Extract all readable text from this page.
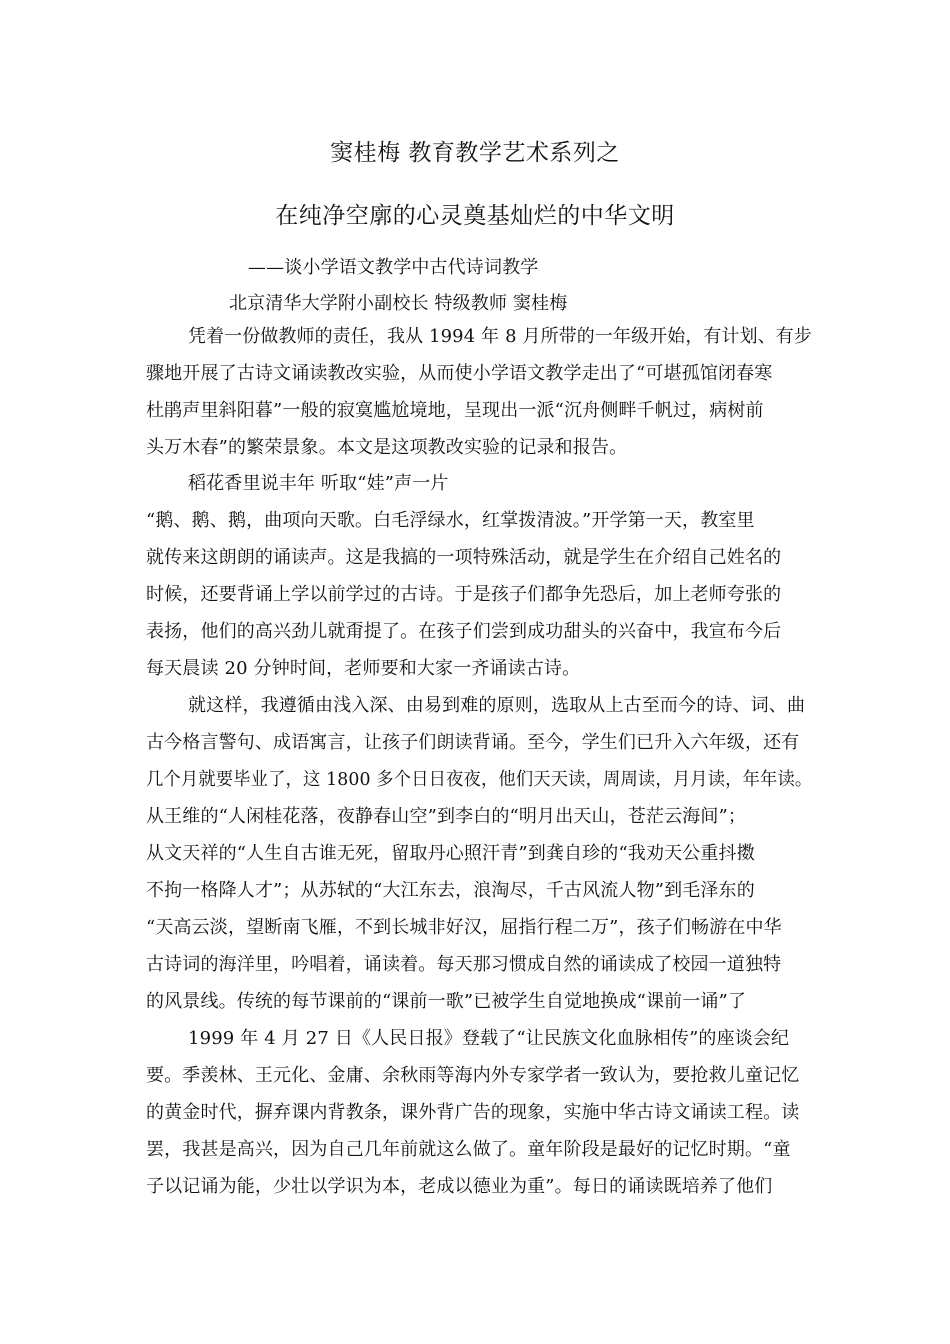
窦桂梅 教育教学艺术系列之
在纯净空廓的心灵奠基灿烂的中华文明
——谈小学语文教学中古代诗词教学
北京清华大学附小副校长 特级教师 窦桂梅
凭着一份做教师的责任，我从 1994 年 8 月所带的一年级开始，有计划、有步
骤地开展了古诗文诵读教改实验，从而使小学语文教学走出了“可堪孤馆闭春寒
杜鹃声里斜阳暮”一般的寂寞尴尬境地，呈现出一派“沉舟侧畔千帆过，病树前
头万木春”的繁荣景象。本文是这项教改实验的记录和报告。
稻花香里说丰年 听取“娃”声一片
“鹅、鹅、鹅，曲项向天歌。白毛浮绿水，红掌拨清波。”开学第一天，教室里
就传来这朗朗的诵读声。这是我搞的一项特殊活动，就是学生在介绍自己姓名的
时候，还要背诵上学以前学过的古诗。于是孩子们都争先恐后，加上老师夸张的
表扬，他们的高兴劲儿就甭提了。在孩子们尝到成功甜头的兴奋中，我宣布今后
每天晨读 20 分钟时间，老师要和大家一齐诵读古诗。
就这样，我遵循由浅入深、由易到难的原则，选取从上古至而今的诗、词、曲
古今格言警句、成语寓言，让孩子们朗读背诵。至今，学生们已升入六年级，还有
几个月就要毕业了，这 1800 多个日日夜夜，他们天天读，周周读，月月读，年年读。
从王维的“人闲桂花落，夜静春山空”到李白的“明月出天山，苍茫云海间”；
从文天祥的“人生自古谁无死，留取丹心照汗青”到龚自珍的“我劝天公重抖擞
不拘一格降人才”；从苏轼的“大江东去，浪淘尽，千古风流人物”到毛泽东的
“天高云淡，望断南飞雁，不到长城非好汉，屈指行程二万”，孩子们畅游在中华
古诗词的海洋里，吟唱着，诵读着。每天那习惯成自然的诵读成了校园一道独特
的风景线。传统的每节课前的“课前一歌”已被学生自觉地换成“课前一诵”了
1999 年 4 月 27 日《人民日报》登载了“让民族文化血脉相传”的座谈会纪
要。季羡林、王元化、金庸、余秋雨等海内外专家学者一致认为，要抢救儿童记忆
的黄金时代，摒弃课内背教条，课外背广告的现象，实施中华古诗文诵读工程。读
罢，我甚是高兴，因为自己几年前就这么做了。童年阶段是最好的记忆时期。“童
子以记诵为能，少壮以学识为本，老成以德业为重”。每日的诵读既培养了他们
